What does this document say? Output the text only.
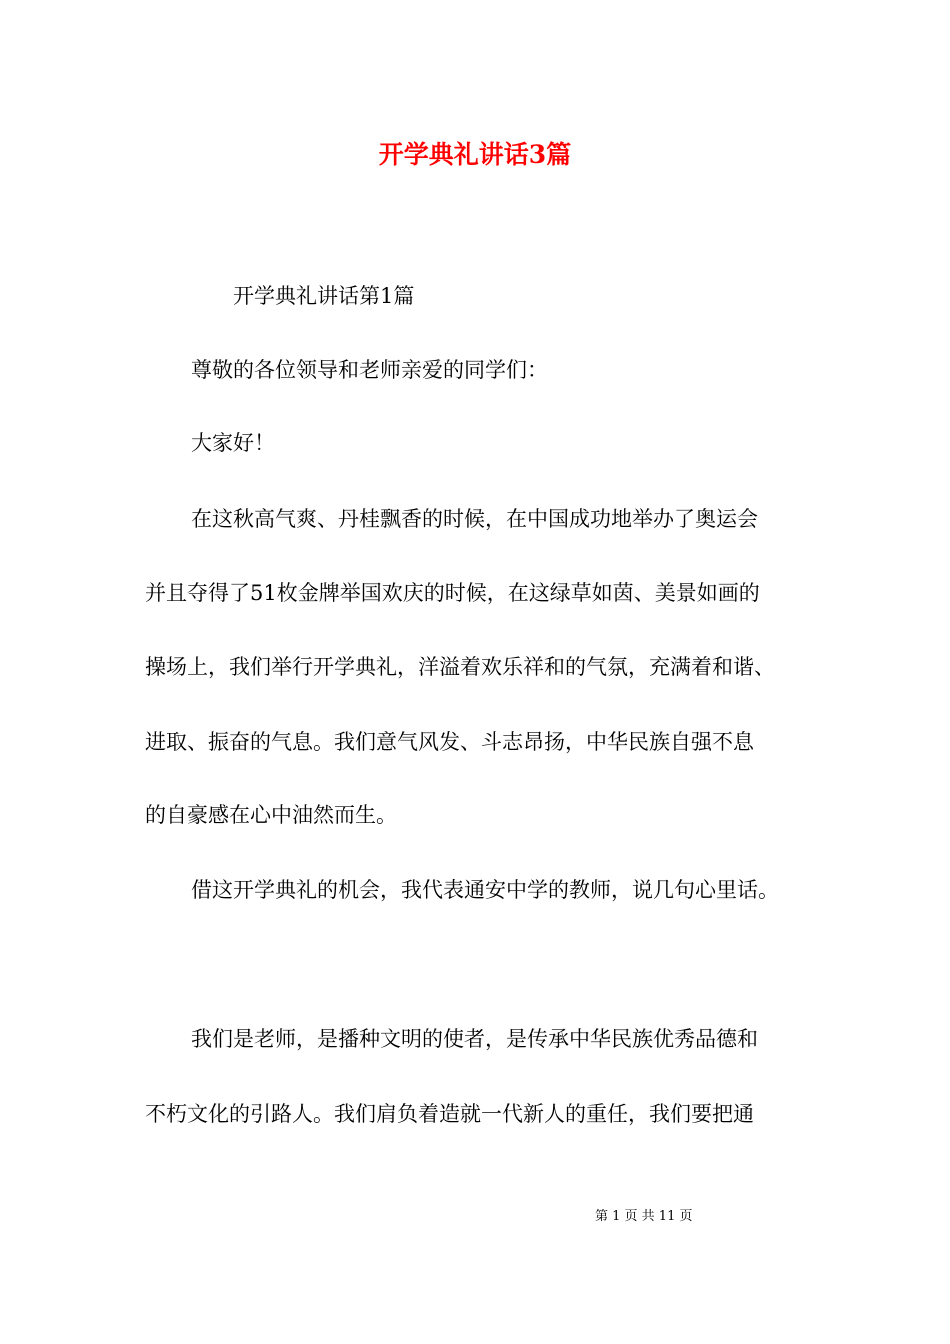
开学典礼讲话3篇

开学典礼讲话第1篇

尊敬的各位领导和老师亲爱的同学们：

大家好！

在这秋高气爽、丹桂飘香的时候，在中国成功地举办了奥运会

并且夺得了51枚金牌举国欢庆的时候，在这绿草如茵、美景如画的

操场上，我们举行开学典礼，洋溢着欢乐祥和的气氛，充满着和谐、

进取、振奋的气息。我们意气风发、斗志昂扬，中华民族自强不息

的自豪感在心中油然而生。

借这开学典礼的机会，我代表通安中学的教师，说几句心里话。

我们是老师，是播种文明的使者，是传承中华民族优秀品德和

不朽文化的引路人。我们肩负着造就一代新人的重任，我们要把通

第 1 页 共 11 页
